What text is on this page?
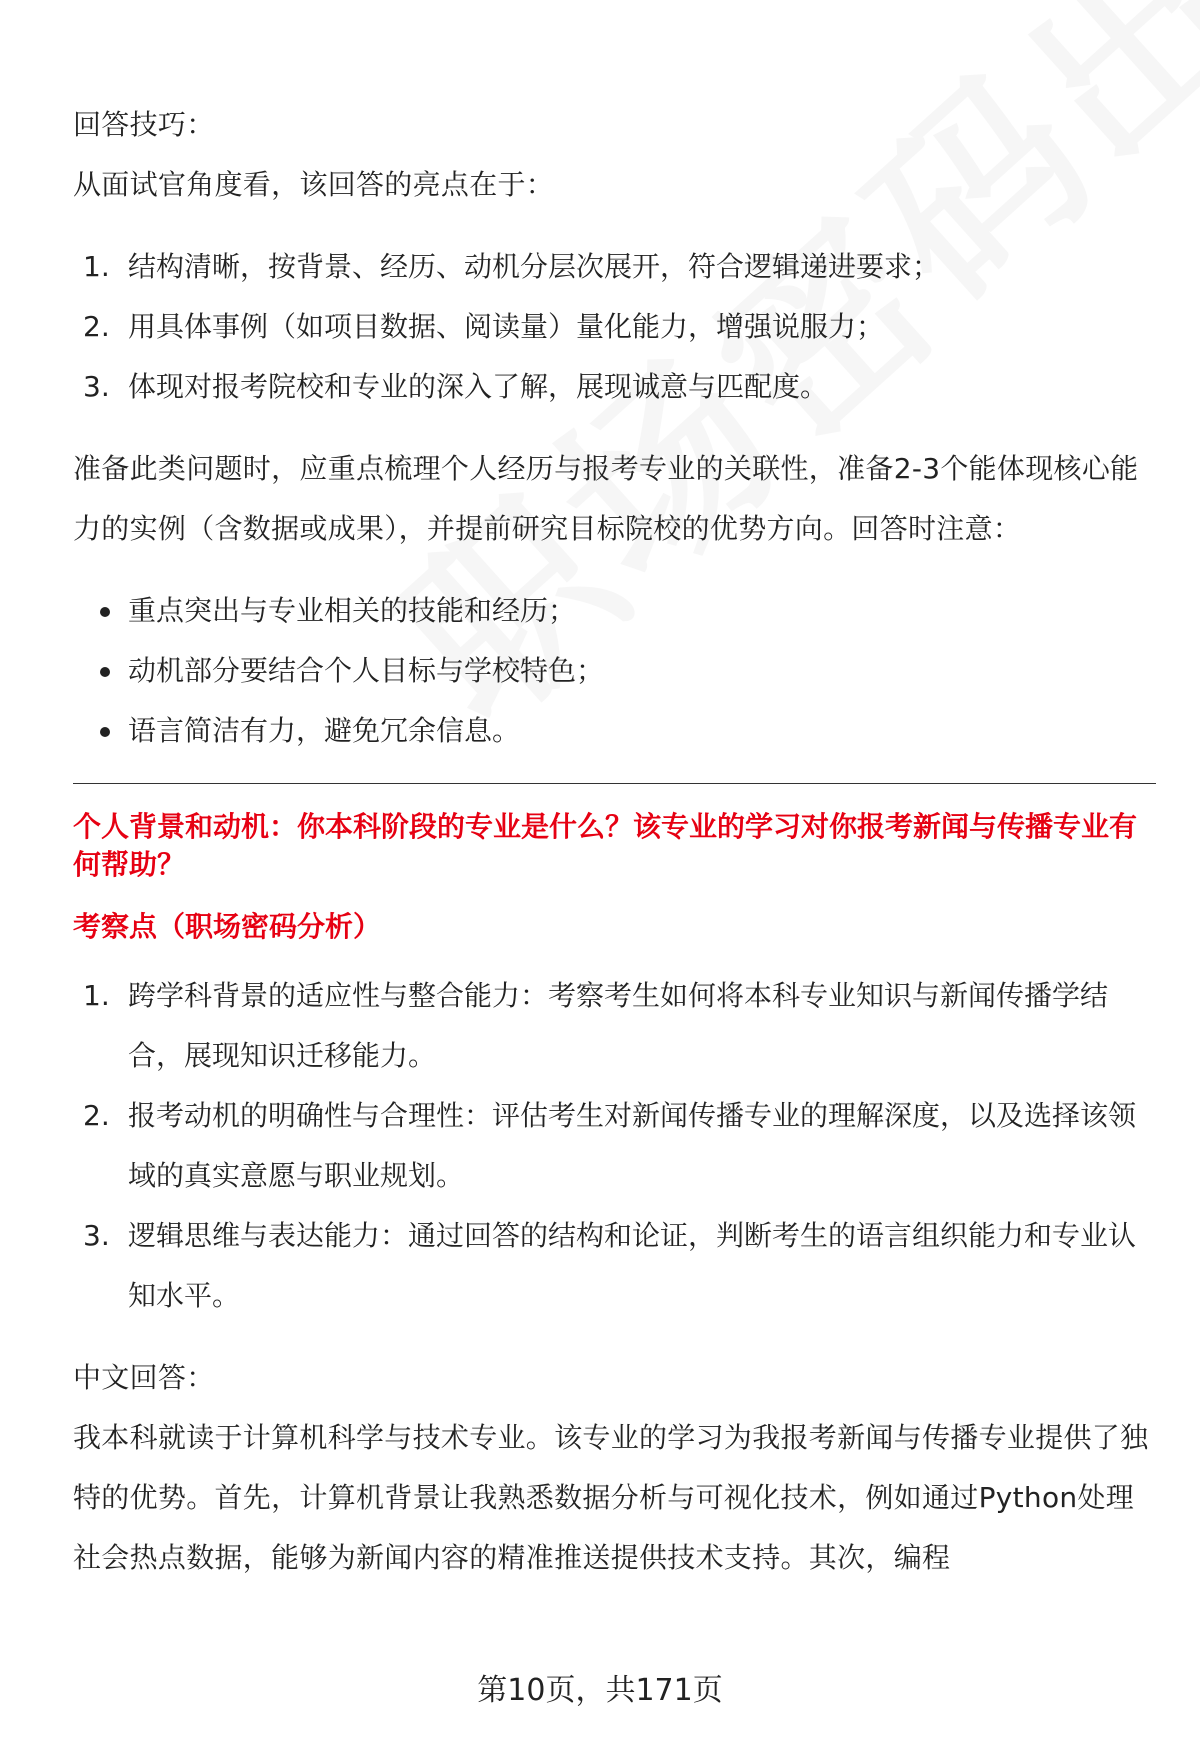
回答技巧：

从面试官角度看，该回答的亮点在于：

1. 结构清晰，按背景、经历、动机分层次展开，符合逻辑递进要求；
2. 用具体事例（如项目数据、阅读量）量化能力，增强说服力；
3. 体现对报考院校和专业的深入了解，展现诚意与匹配度。

准备此类问题时，应重点梳理个人经历与报考专业的关联性，准备2-3个能体现核心能力的实例（含数据或成果），并提前研究目标院校的优势方向。回答时注意：

重点突出与专业相关的技能和经历；
动机部分要结合个人目标与学校特色；
语言简洁有力，避免冗余信息。

个人背景和动机：你本科阶段的专业是什么？该专业的学习对你报考新闻与传播专业有何帮助？

考察点（职场密码分析）

1. 跨学科背景的适应性与整合能力：考察考生如何将本科专业知识与新闻传播学结合，展现知识迁移能力。
2. 报考动机的明确性与合理性：评估考生对新闻传播专业的理解深度，以及选择该领域的真实意愿与职业规划。
3. 逻辑思维与表达能力：通过回答的结构和论证，判断考生的语言组织能力和专业认知水平。

中文回答：

我本科就读于计算机科学与技术专业。该专业的学习为我报考新闻与传播专业提供了独特的优势。首先，计算机背景让我熟悉数据分析与可视化技术，例如通过Python处理社会热点数据，能够为新闻内容的精准推送提供技术支持。其次，编程

第10页，共171页
